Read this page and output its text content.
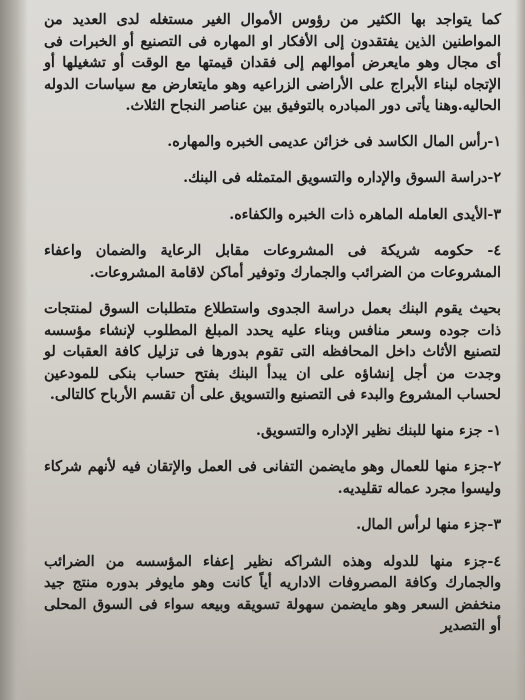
كما يتواجد بها الكثير من رؤوس الأموال الغير مستغله لدى العديد من المواطنين الذين يفتقدون إلى الأفكار او المهاره فى التصنيع أو الخبرات فى أى مجال وهو مايعرض أموالهم إلى فقدان قيمتها مع الوقت أو تشغيلها أو الإتجاه لبناء الأبراج على الأراضى الزراعيه وهو مايتعارض مع سياسات الدوله الحاليه.وهنا يأتى دور المبادره بالتوفيق بين عناصر النجاح الثلاث.

١-رأس المال الكاسد فى خزائن عديمى الخبره والمهاره.

٢-دراسة السوق والإداره والتسويق المتمثله فى البنك.

٣-الأيدى العامله الماهره ذات الخبره والكفاءه.

٤- حكومه شريكة فى المشروعات مقابل الرعاية والضمان واعفاء المشروعات من الضرائب والجمارك وتوفير أماكن لاقامة المشروعات.

بحيث يقوم البنك بعمل دراسة الجدوى واستطلاع متطلبات السوق لمنتجات ذات جوده وسعر منافس وبناء عليه يحدد المبلغ المطلوب لإنشاء مؤسسه لتصنيع الأثاث داخل المحافظه التى تقوم بدورها فى تزليل كافة العقبات لو وجدت من أجل إنشاؤه على ان يبدأ البنك بفتح حساب بنكى للمودعين لحساب المشروع والبدء فى التصنيع والتسويق على أن تقسم الأرباح كالتالى.

١- جزء منها للبنك نظير الإداره والتسويق.

٢-جزء منها للعمال وهو مايضمن التفانى فى العمل والإتقان فيه لأنهم شركاء وليسوا مجرد عماله تقليديه.

٣-جزء منها لرأس المال.

٤-جزء منها للدوله وهذه الشراكه نظير إعفاء المؤسسه من الضرائب والجمارك وكافة المصروفات الاداريه أياً كانت وهو مايوفر بدوره منتج جيد منخفض السعر وهو مايضمن سهولة تسويقه وبيعه سواء فى السوق المحلى أو التصدير
